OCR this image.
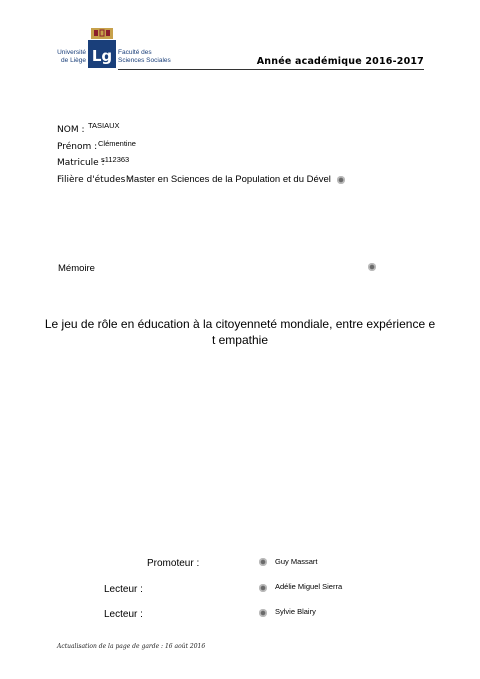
Université
de Liège Lg Faculté des
Sciences Sociales	Année académique 2016-2017
NOM : TASIAUX
Prénom : Clémentine
Matricule :
s112363
Filière d'études :
Master en Sciences de la Population et du Dével
Mémoire
Le jeu de rôle en éducation à la citoyenneté mondiale, entre expérience e
t empathie
Promoteur :	Guy Massart
Lecteur :	Adélie Miguel Sierra
Lecteur :	Sylvie Blairy
Actualisation de la page de garde : 16 août 2016
